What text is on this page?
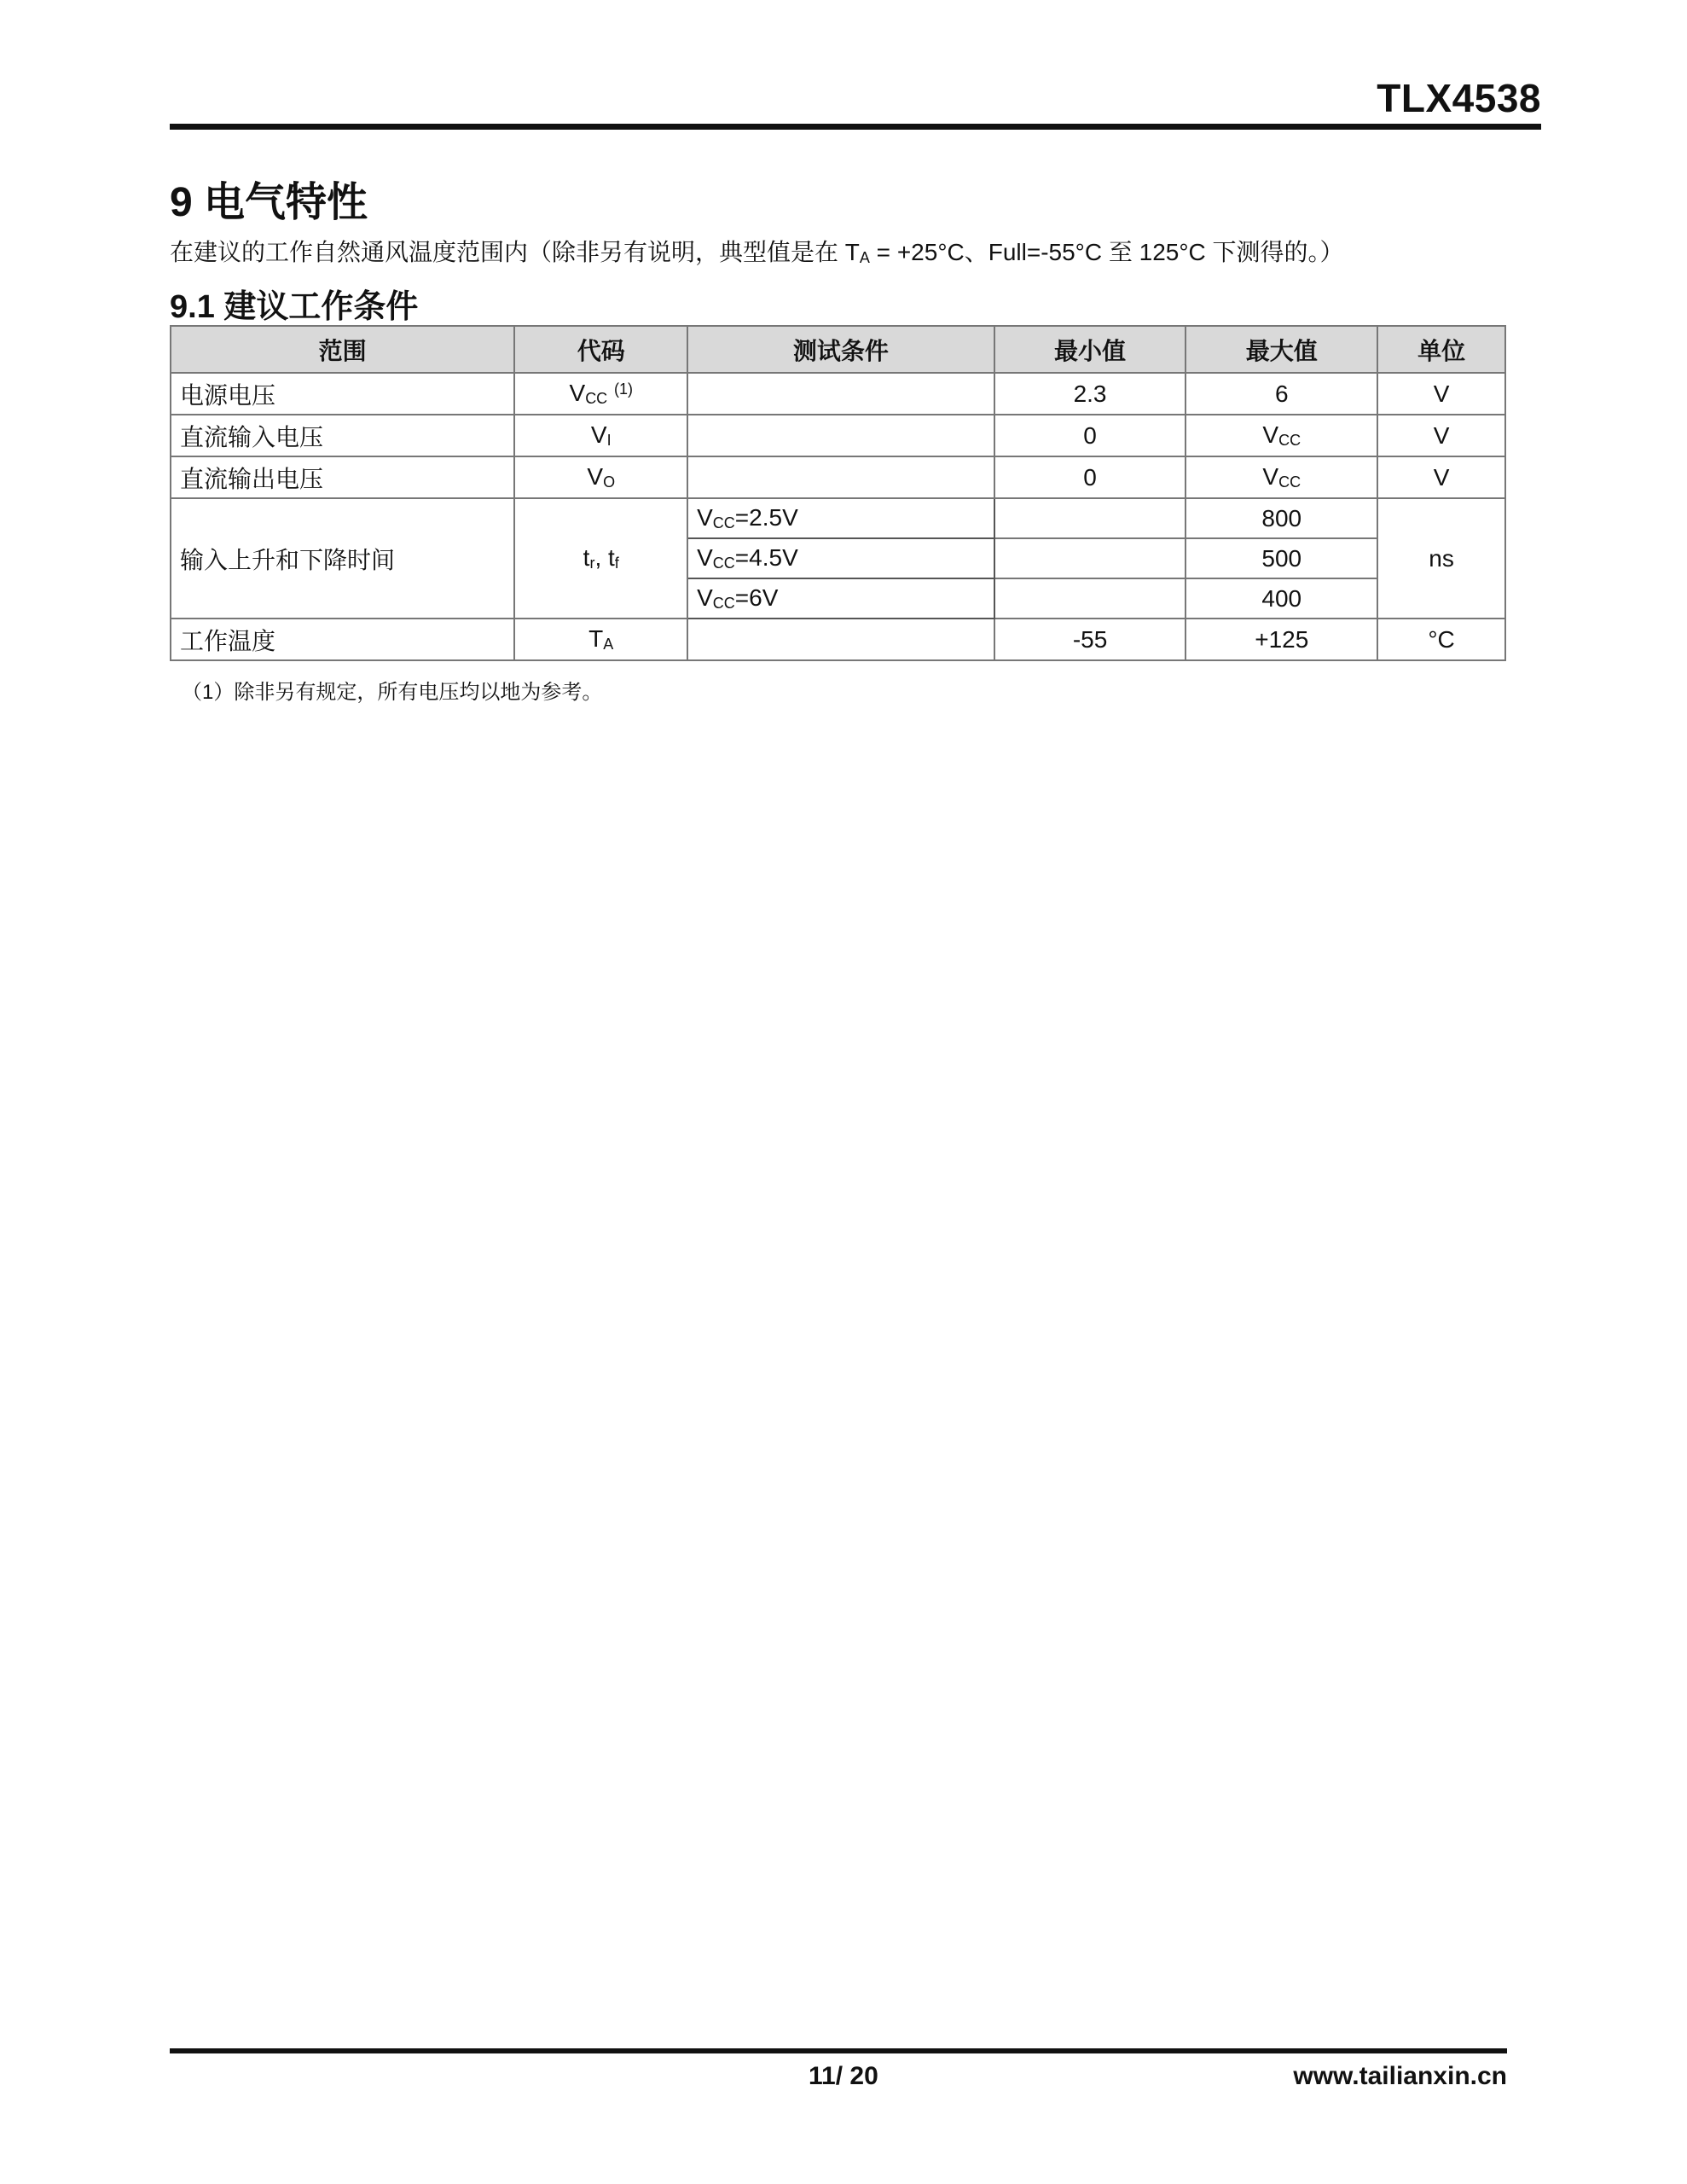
TLX4538
9 电气特性
在建议的工作自然通风温度范围内（除非另有说明，典型值是在 $T_A = +25^\circ C$、Full=-55°C 至 125°C 下测得的。）
9.1 建议工作条件
范围	代码	测试条件	最小值	最大值	单位
电源电压	$V_{CC}$ $^{(1)}$		2.3	6	V
直流输入电压	$V_I$		0	$V_{CC}$	V
直流输出电压	$V_O$		0	$V_{CC}$	V
输入上升和下降时间	$t_r$, $t_f$	$V_{CC}=2.5V$		800	ns
		$V_{CC}=4.5V$		500	
		$V_{CC}=6V$		400	
工作温度	$T_A$		-55	+125	°C
（1）除非另有规定，所有电压均以地为参考。
11/ 20	www.tailianxin.cn
